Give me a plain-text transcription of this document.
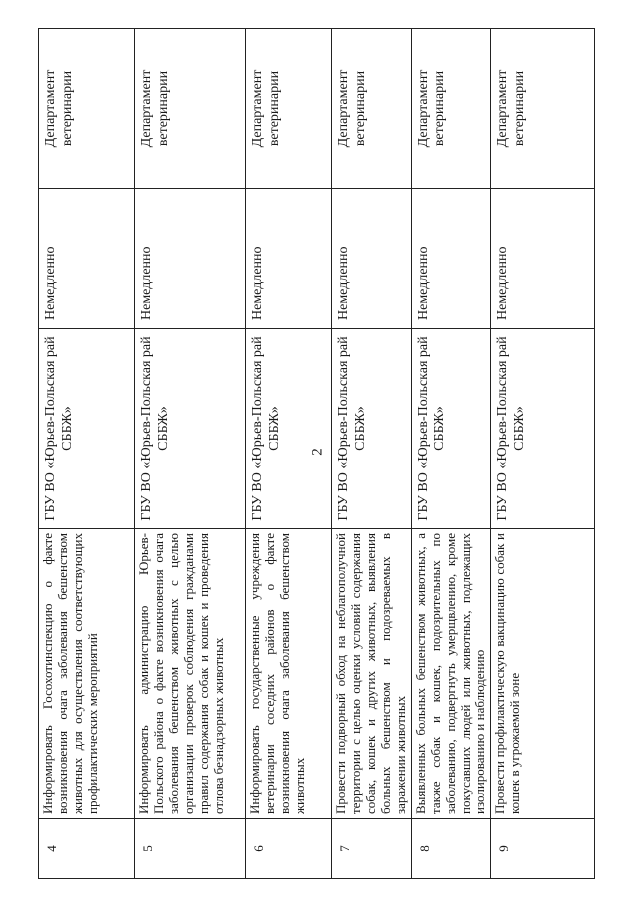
2
4	Информировать Госохотинспекцию о факте возникновения очага заболевания бешенством животных для осуществления соответствующих профилактических мероприятий	ГБУ ВО «Юрьев-Польская рай СББЖ»	Немедленно	Департамент ветеринарии
5	Информировать администрацию Юрьев-Польского района о факте возникновения очага заболевания бешенством животных с целью организации проверок соблюдения гражданами правил содержания собак и кошек и проведения отлова безнадзорных животных	ГБУ ВО «Юрьев-Польская рай СББЖ»	Немедленно	Департамент ветеринарии
6	Информировать государственные учреждения ветеринарии соседних районов о факте возникновения очага заболевания бешенством животных	ГБУ ВО «Юрьев-Польская рай СББЖ»	Немедленно	Департамент ветеринарии
7	Провести подворный обход на неблагополучной территории с целью оценки условий содержания собак, кошек и других животных, выявления больных бешенством и подозреваемых в заражении животных	ГБУ ВО «Юрьев-Польская рай СББЖ»	Немедленно	Департамент ветеринарии
8	Выявленных больных бешенством животных, а также собак и кошек, подозрительных по заболеванию, подвергнуть умерщвлению, кроме покусавших людей или животных, подлежащих изолированию и наблюдению	ГБУ ВО «Юрьев-Польская рай СББЖ»	Немедленно	Департамент ветеринарии
9	Провести профилактическую вакцинацию собак и кошек в угрожаемой зоне	ГБУ ВО «Юрьев-Польская рай СББЖ»	Немедленно	Департамент ветеринарии
